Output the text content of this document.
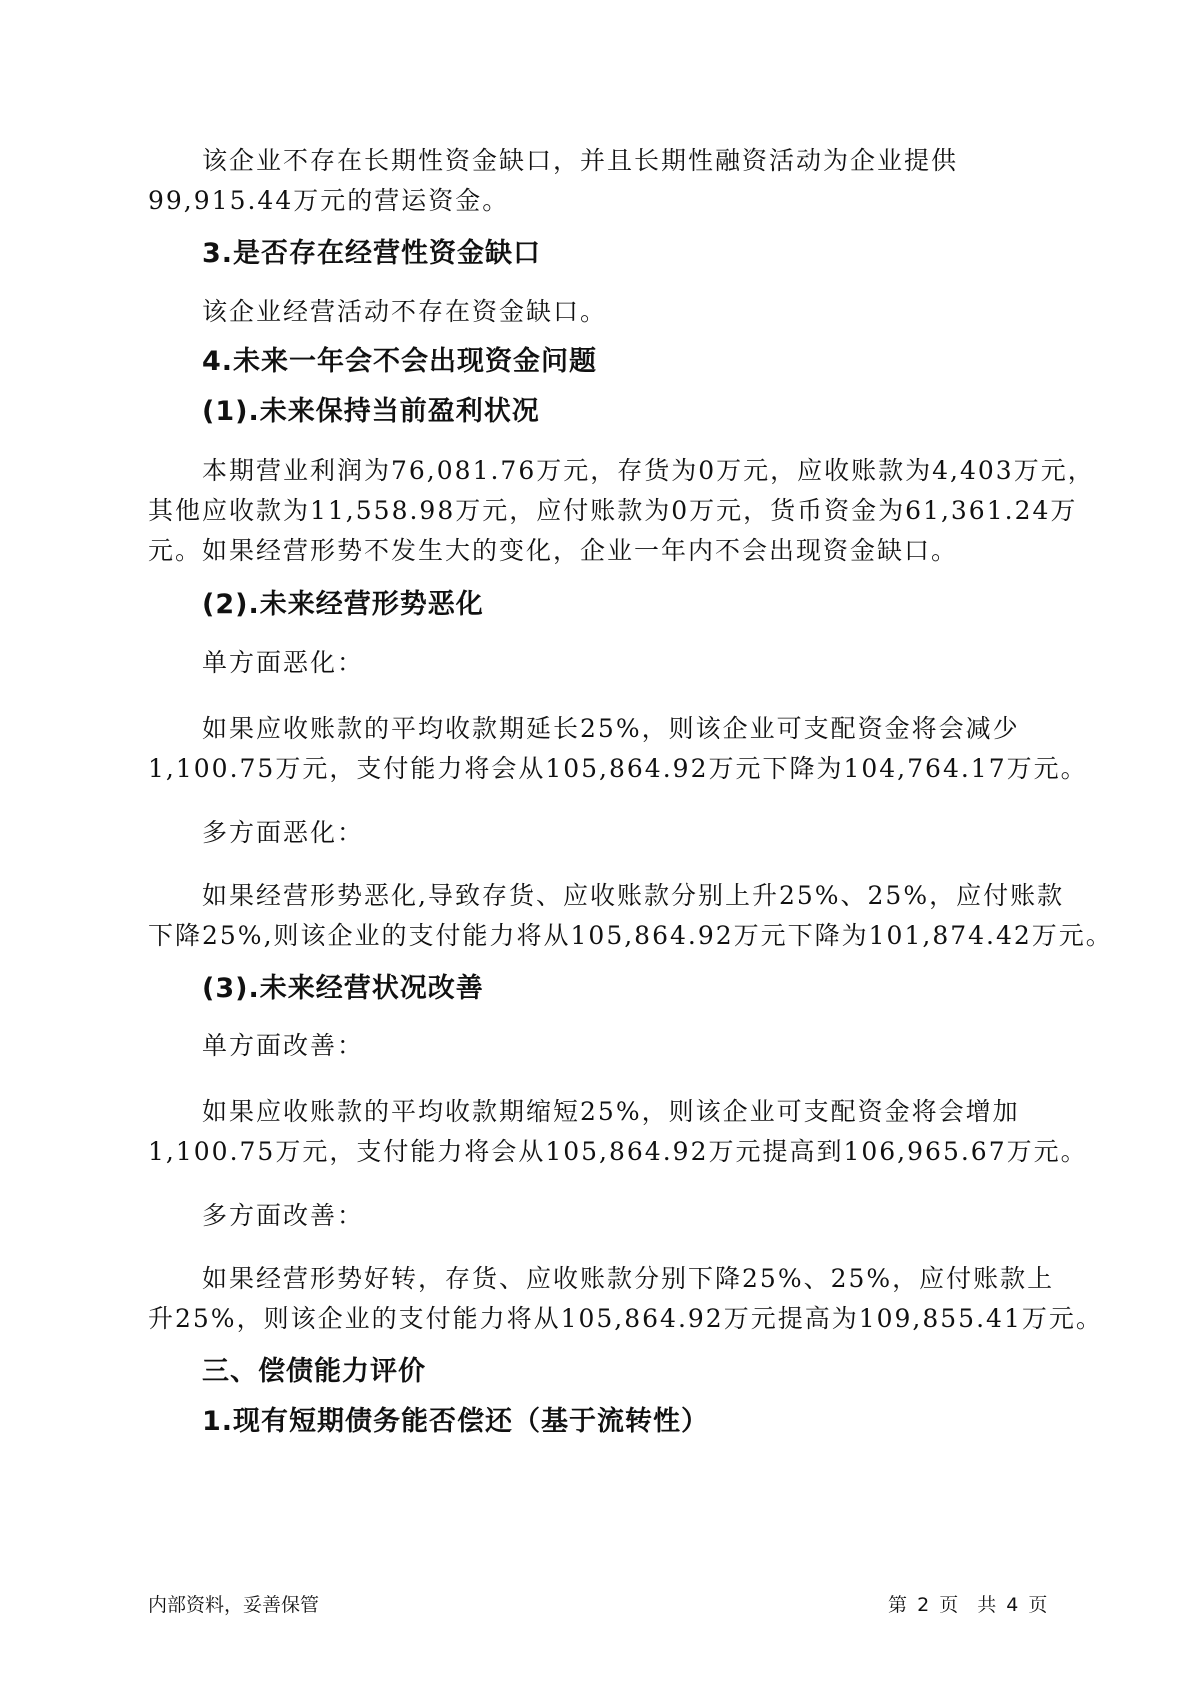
该企业不存在长期性资金缺口，并且长期性融资活动为企业提供

99,915.44万元的营运资金。

3.是否存在经营性资金缺口

该企业经营活动不存在资金缺口。

4.未来一年会不会出现资金问题
(1).未来保持当前盈利状况

本期营业利润为76,081.76万元，存货为0万元，应收账款为4,403万元，

其他应收款为11,558.98万元，应付账款为0万元，货币资金为61,361.24万

元。如果经营形势不发生大的变化，企业一年内不会出现资金缺口。

(2).未来经营形势恶化

单方面恶化：

如果应收账款的平均收款期延长25%，则该企业可支配资金将会减少

1,100.75万元，支付能力将会从105,864.92万元下降为104,764.17万元。

多方面恶化：

如果经营形势恶化,导致存货、应收账款分别上升25%、25%，应付账款

下降25%,则该企业的支付能力将从105,864.92万元下降为101,874.42万元。

(3).未来经营状况改善

单方面改善：

如果应收账款的平均收款期缩短25%，则该企业可支配资金将会增加

1,100.75万元，支付能力将会从105,864.92万元提高到106,965.67万元。

多方面改善：

如果经营形势好转，存货、应收账款分别下降25%、25%，应付账款上

升25%，则该企业的支付能力将从105,864.92万元提高为109,855.41万元。

三、偿债能力评价
1.现有短期债务能否偿还（基于流转性）
内部资料，妥善保管	第 2 页　共 4 页
